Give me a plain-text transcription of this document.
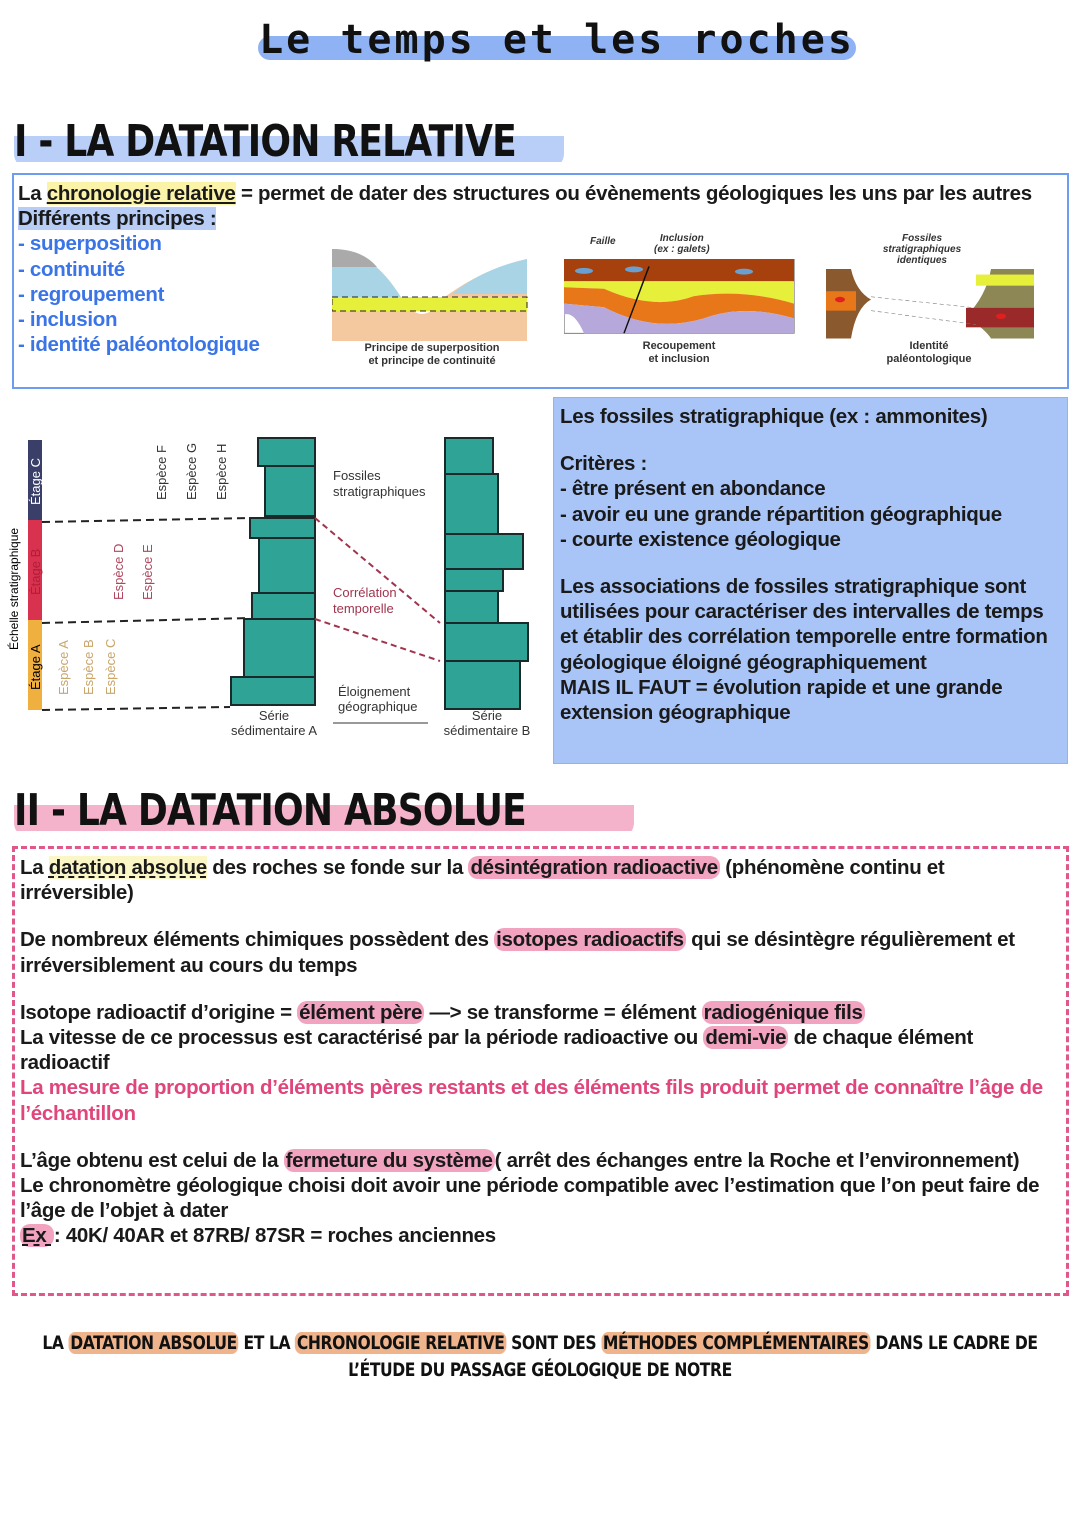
Le temps et les roches
I - LA DATATION RELATIVE

La chronologie relative = permet de dater des structures ou évènements géologiques les uns par les autres

Différents principes :

- superposition

- continuité

- regroupement

- inclusion

- identité paléontologique	Principe de superposition
et principe de continuité
Faille	Inclusion
(ex : galets)
Recoupement
et inclusion
Fossiles
stratigraphiques
identiques
Identité
paléontologique
Échelle stratigraphique
Étage A
Étage B
Étage C
Espèce A Espèce B Espèce C
Espèce D Espèce E
Espèce F Espèce G Espèce H	Fossiles
stratigraphiques
Corrélation
temporelle
Éloignement
géographique
Série
sédimentaire A
Série
sédimentaire B

Les fossiles stratigraphique (ex : ammonites)

Critères :

- être présent en abondance

- avoir eu une grande répartition géographique

- courte existence géologique

Les associations de fossiles stratigraphique sont utilisées pour caractériser des intervalles de temps et établir des corrélation temporelle entre formation géologique éloigné géographiquement

MAIS IL FAUT = évolution rapide et une grande extension géographique

II - LA DATATION ABSOLUE

La datation absolue des roches se fonde sur la désintégration radioactive (phénomène continu et irréversible)

De nombreux éléments chimiques possèdent des isotopes radioactifs qui se désintègre régulièrement et irréversiblement au cours du temps

Isotope radioactif d’origine = élément père —> se transforme = élément radiogénique fils

La vitesse de ce processus est caractérisé par la période radioactive ou demi-vie de chaque élément radioactif

La mesure de proportion d’éléments pères restants et des éléments fils produit permet de connaître l’âge de l’échantillon

L’âge obtenu est celui de la fermeture du système( arrêt des échanges entre la Roche et l’environnement)

Le chronomètre géologique choisi doit avoir une période compatible avec l’estimation que l’on peut faire de l’âge de l’objet à dater

Ex : 40K/ 40AR et 87RB/ 87SR = roches anciennes

LA DATATION ABSOLUE ET LA CHRONOLOGIE RELATIVE SONT DES MÉTHODES COMPLÉMENTAIRES DANS LE CADRE DE L’ÉTUDE DU PASSAGE GÉOLOGIQUE DE NOTRE
